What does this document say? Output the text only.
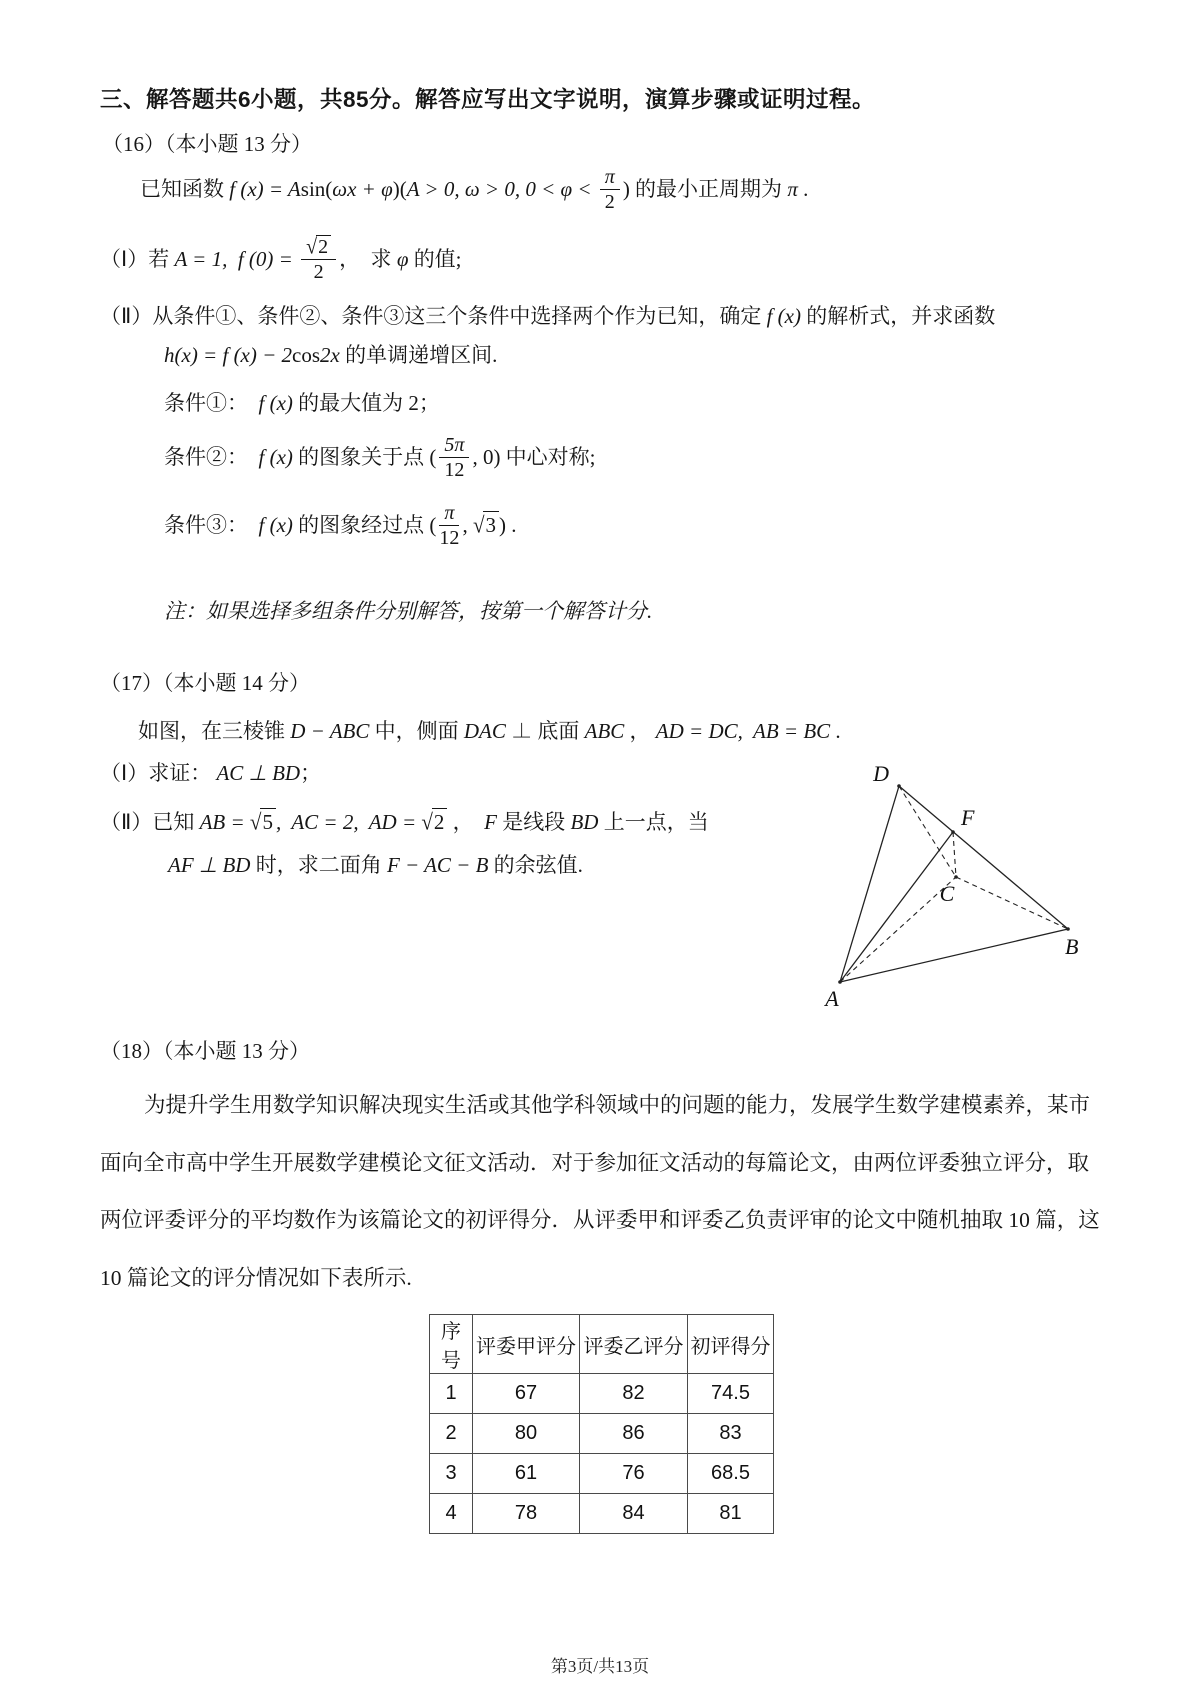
三、解答题共6小题，共85分。解答应写出文字说明，演算步骤或证明过程。
（16）（本小题 13 分）
已知函数 f (x) = A sin( ωx + φ )( A > 0, ω > 0, $0 < \varphi < \frac{\pi}{2}$ ) 的最小正周期为 π .
（Ⅰ）若 A = 1,  f $(0) = \frac{√ 2}{2}$ ，  求 φ 的值;
（Ⅱ）从条件①、条件②、条件③这三个条件中选择两个作为已知，确定 f (x) 的解析式，并求函数
h(x) = f (x) − 2 cos 2x 的单调递增区间.
条件①： f (x) 的最大值为 2；
条件②： f (x) 的图象关于点 ( $\frac{5\pi}{12}$ , 0) 中心对称;
条件③： f (x) 的图象经过点 ( $\frac{\pi}{12}$ , √ 3 ) .
注：如果选择多组条件分别解答，按第一个解答计分.
（17）（本小题 14 分）
如图，在三棱锥 D − ABC 中，侧面 DAC ⊥ 底面 ABC ， AD = DC,  AB = BC .
（Ⅰ）求证： AC ⊥ BD ；
（Ⅱ）已知 AB = √ 5 ,  AC = 2,  AD = √ 2 ， F 是线段 BD 上一点，当
AF ⊥ BD 时，求二面角 F − AC − B 的余弦值.
D
F
C
B
A
（18）（本小题 13 分）
为提升学生用数学知识解决现实生活或其他学科领域中的问题的能力，发展学生数学建模素养，某市
面向全市高中学生开展数学建模论文征文活动．对于参加征文活动的每篇论文，由两位评委独立评分，取
两位评委评分的平均数作为该篇论文的初评得分．从评委甲和评委乙负责评审的论文中随机抽取 10 篇，这
10 篇论文的评分情况如下表所示.
序号	评委甲评分	评委乙评分	初评得分
1	67	82	74.5
2	80	86	83
3	61	76	68.5
4	78	84	81
第3页/共13页
